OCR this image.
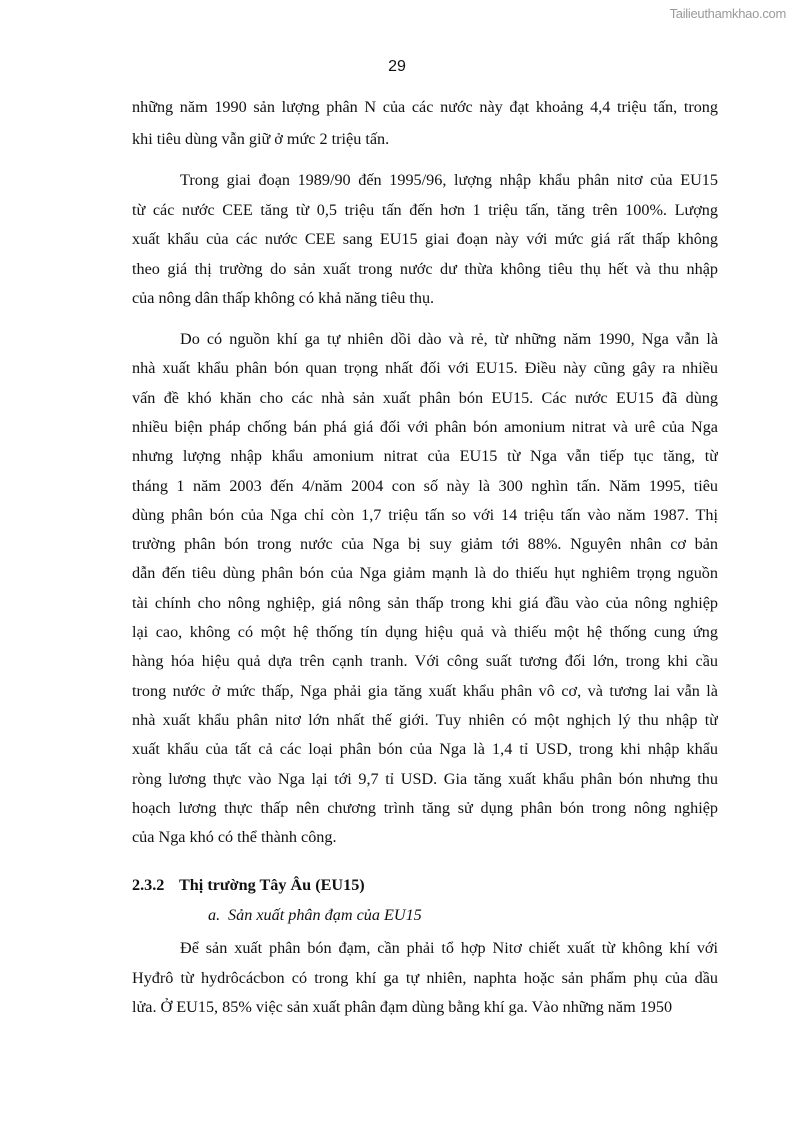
Tailieuthamkhao.com
29
2.3.2 Thị trường Tây Âu (EU15)
a. Sản xuất phân đạm của EU15
những năm 1990 sản lượng phân N của các nước này đạt khoảng 4,4 triệu tấn, trong
khi tiêu dùng vẫn giữ ở mức 2 triệu tấn.
Trong giai đoạn 1989/90 đến 1995/96, lượng nhập khẩu phân nitơ của EU15
từ các nước CEE tăng từ 0,5 triệu tấn đến hơn 1 triệu tấn, tăng trên 100%. Lượng
xuất khẩu của các nước CEE sang EU15 giai đoạn này với mức giá rất thấp không
theo giá thị trường do sản xuất trong nước dư thừa không tiêu thụ hết và thu nhập
của nông dân thấp không có khả năng tiêu thụ.
Do có nguồn khí ga tự nhiên dồi dào và rẻ, từ những năm 1990, Nga vẫn là
nhà xuất khẩu phân bón quan trọng nhất đối với EU15. Điều này cũng gây ra nhiều
vấn đề khó khăn cho các nhà sản xuất phân bón EU15. Các nước EU15 đã dùng
nhiều biện pháp chống bán phá giá đối với phân bón amonium nitrat và urê của Nga
nhưng lượng nhập khẩu amonium nitrat của EU15 từ Nga vẫn tiếp tục tăng, từ
tháng 1 năm 2003 đến 4/năm 2004 con số này là 300 nghìn tấn. Năm 1995, tiêu
dùng phân bón của Nga chỉ còn 1,7 triệu tấn so với 14 triệu tấn vào năm 1987. Thị
trường phân bón trong nước của Nga bị suy giảm tới 88%. Nguyên nhân cơ bản
dẫn đến tiêu dùng phân bón của Nga giảm mạnh là do thiếu hụt nghiêm trọng nguồn
tài chính cho nông nghiệp, giá nông sản thấp trong khi giá đầu vào của nông nghiệp
lại cao, không có một hệ thống tín dụng hiệu quả và thiếu một hệ thống cung ứng
hàng hóa hiệu quả dựa trên cạnh tranh. Với công suất tương đối lớn, trong khi cầu
trong nước ở mức thấp, Nga phải gia tăng xuất khẩu phân vô cơ, và tương lai vẫn là
nhà xuất khẩu phân nitơ lớn nhất thế giới. Tuy nhiên có một nghịch lý thu nhập từ
xuất khẩu của tất cả các loại phân bón của Nga là 1,4 tỉ USD, trong khi nhập khẩu
ròng lương thực vào Nga lại tới 9,7 tỉ USD. Gia tăng xuất khẩu phân bón nhưng thu
hoạch lương thực thấp nên chương trình tăng sử dụng phân bón trong nông nghiệp
của Nga khó có thể thành công.
Để sản xuất phân bón đạm, cần phải tổ hợp Nitơ chiết xuất từ không khí với
Hyđrô từ hydrôcácbon có trong khí ga tự nhiên, naphta hoặc sản phẩm phụ của dầu
lửa. Ở EU15, 85% việc sản xuất phân đạm dùng bằng khí ga. Vào những năm 1950
